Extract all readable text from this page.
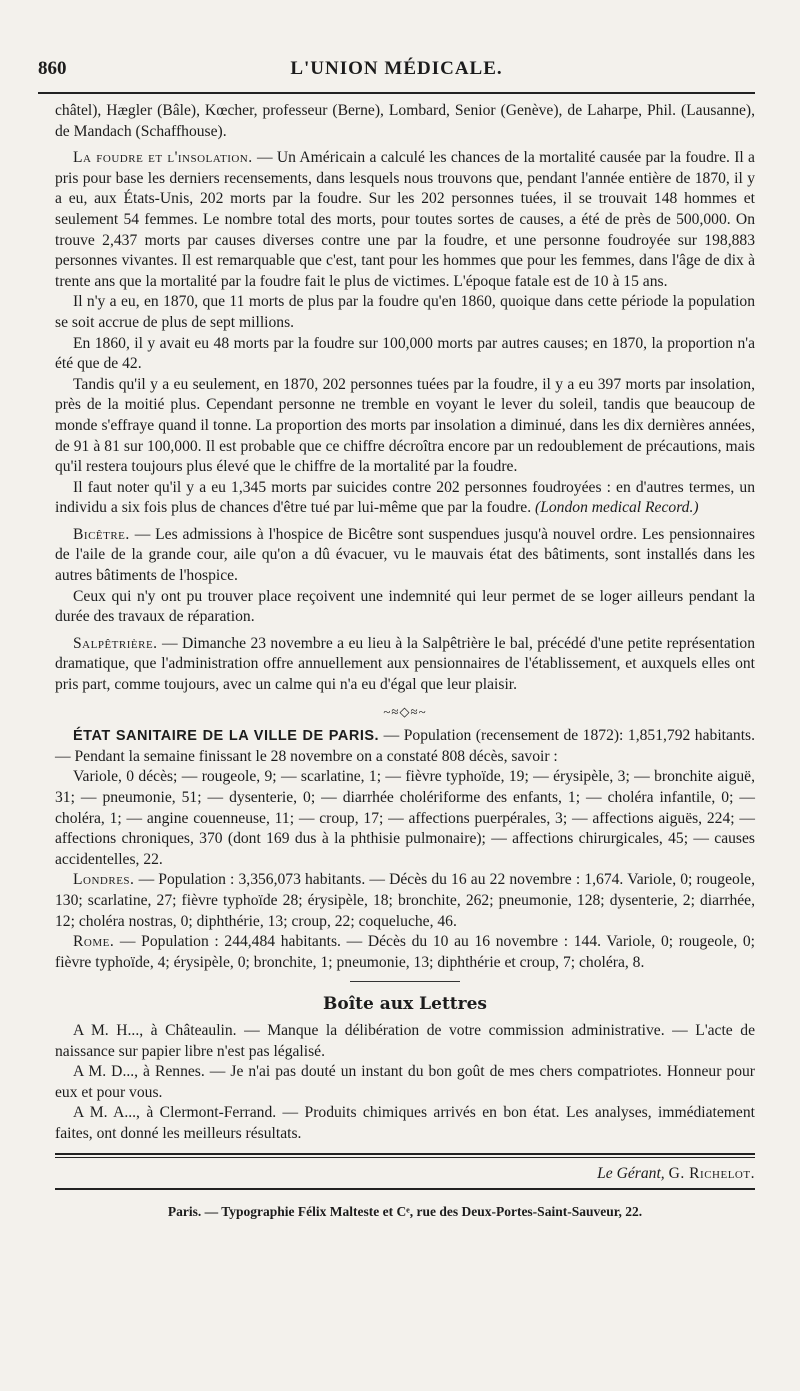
860	L'UNION MÉDICALE.

châtel), Hægler (Bâle), Kœcher, professeur (Berne), Lombard, Senior (Genève), de Laharpe, Phil. (Lausanne), de Mandach (Schaffhouse).

La foudre et l'insolation. — Un Américain a calculé les chances de la mortalité causée par la foudre. Il a pris pour base les derniers recensements, dans lesquels nous trouvons que, pendant l'année entière de 1870, il y a eu, aux États-Unis, 202 morts par la foudre. Sur les 202 personnes tuées, il se trouvait 148 hommes et seulement 54 femmes. Le nombre total des morts, pour toutes sortes de causes, a été de près de 500,000. On trouve 2,437 morts par causes diverses contre une par la foudre, et une personne foudroyée sur 198,883 personnes vivantes. Il est remarquable que c'est, tant pour les hommes que pour les femmes, dans l'âge de dix à trente ans que la mortalité par la foudre fait le plus de victimes. L'époque fatale est de 10 à 15 ans.

Il n'y a eu, en 1870, que 11 morts de plus par la foudre qu'en 1860, quoique dans cette période la population se soit accrue de plus de sept millions.

En 1860, il y avait eu 48 morts par la foudre sur 100,000 morts par autres causes; en 1870, la proportion n'a été que de 42.

Tandis qu'il y a eu seulement, en 1870, 202 personnes tuées par la foudre, il y a eu 397 morts par insolation, près de la moitié plus. Cependant personne ne tremble en voyant le lever du soleil, tandis que beaucoup de monde s'effraye quand il tonne. La proportion des morts par insolation a diminué, dans les dix dernières années, de 91 à 81 sur 100,000. Il est probable que ce chiffre décroîtra encore par un redoublement de précautions, mais qu'il restera toujours plus élevé que le chiffre de la mortalité par la foudre.

Il faut noter qu'il y a eu 1,345 morts par suicides contre 202 personnes foudroyées : en d'autres termes, un individu a six fois plus de chances d'être tué par lui-même que par la foudre. (London medical Record.)

Bicêtre. — Les admissions à l'hospice de Bicêtre sont suspendues jusqu'à nouvel ordre. Les pensionnaires de l'aile de la grande cour, aile qu'on a dû évacuer, vu le mauvais état des bâtiments, sont installés dans les autres bâtiments de l'hospice.

Ceux qui n'y ont pu trouver place reçoivent une indemnité qui leur permet de se loger ailleurs pendant la durée des travaux de réparation.

Salpêtrière. — Dimanche 23 novembre a eu lieu à la Salpêtrière le bal, précédé d'une petite représentation dramatique, que l'administration offre annuellement aux pensionnaires de l'établissement, et auxquels elles ont pris part, comme toujours, avec un calme qui n'a eu d'égal que leur plaisir.

~≈◇≈~

ÉTAT SANITAIRE DE LA VILLE DE PARIS. — Population (recensement de 1872): 1,851,792 habitants.— Pendant la semaine finissant le 28 novembre on a constaté 808 décès, savoir :

Variole, 0 décès; — rougeole, 9; — scarlatine, 1; — fièvre typhoïde, 19; — érysipèle, 3; — bronchite aiguë, 31; — pneumonie, 51; — dysenterie, 0; — diarrhée cholériforme des enfants, 1; — choléra infantile, 0; — choléra, 1; — angine couenneuse, 11; — croup, 17; — affections puerpérales, 3; — affections aiguës, 224; — affections chroniques, 370 (dont 169 dus à la phthisie pulmonaire); — affections chirurgicales, 45; — causes accidentelles, 22.

Londres. — Population : 3,356,073 habitants. — Décès du 16 au 22 novembre : 1,674. Variole, 0; rougeole, 130; scarlatine, 27; fièvre typhoïde 28; érysipèle, 18; bronchite, 262; pneumonie, 128; dysenterie, 2; diarrhée, 12; choléra nostras, 0; diphthérie, 13; croup, 22; coqueluche, 46.

Rome. — Population : 244,484 habitants. — Décès du 10 au 16 novembre : 144. Variole, 0; rougeole, 0; fièvre typhoïde, 4; érysipèle, 0; bronchite, 1; pneumonie, 13; diphthérie et croup, 7; choléra, 8.

Boîte aux Lettres

A M. H..., à Châteaulin. — Manque la délibération de votre commission administrative. — L'acte de naissance sur papier libre n'est pas légalisé.

A M. D..., à Rennes. — Je n'ai pas douté un instant du bon goût de mes chers compatriotes. Honneur pour eux et pour vous.

A M. A..., à Clermont-Ferrand. — Produits chimiques arrivés en bon état. Les analyses, immédiatement faites, ont donné les meilleurs résultats.

Le Gérant, G. Richelot.
Paris. — Typographie Félix Malteste et Cᵉ, rue des Deux-Portes-Saint-Sauveur, 22.
